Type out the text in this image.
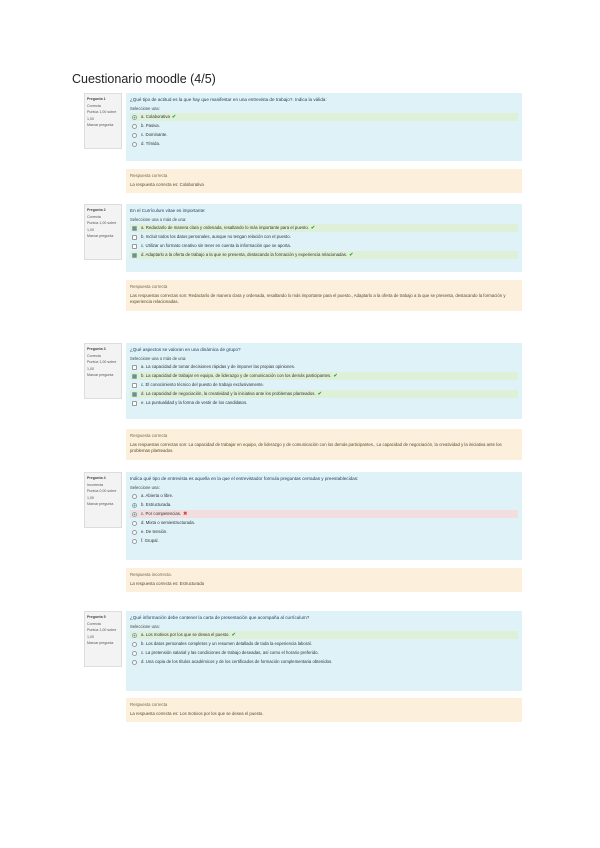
Cuestionario moodle (4/5)
Pregunta 1
Correcta
Puntúa 1,00 sobre 1,00
Marcar pregunta
¿Qué tipo de actitud es la que hay que manifestar en una entrevista de trabajo?. Indica la válida:
Seleccione una:
a. Colaborativa ✔
b. Pasiva.
c. Dominante.
d. Tímida.
Respuesta correcta
La respuesta correcta es: Colaborativa
Pregunta 2
Correcta
Puntúa 1,00 sobre 1,00
Marcar pregunta
En el Currículum vitae es importante:
Seleccione una o más de una:
a. Redactarlo de manera clara y ordenada, resaltando lo más importante para el puesto. ✔
b. Incluir todos los datos personales, aunque no tengan relación con el puesto.
c. Utilizar un formato creativo sin tener en cuenta la información que se aporta.
d. Adaptarlo a la oferta de trabajo a la que se presenta, destacando la formación y experiencia relacionadas. ✔
Respuesta correcta
Las respuestas correctas son: Redactarlo de manera clara y ordenada, resaltando lo más importante para el puesto., Adaptarlo a la oferta de trabajo a la que se presenta, destacando la formación y experiencia relacionadas.
Pregunta 3
Correcta
Puntúa 1,00 sobre 1,00
Marcar pregunta
¿Qué aspectos se valoran en una dinámica de grupo?
Seleccione una o más de una:
a. La capacidad de tomar decisiones rápidas y de imponer las propias opiniones.
b. La capacidad de trabajar en equipo, de liderazgo y de comunicación con los demás participantes. ✔
c. El conocimiento técnico del puesto de trabajo exclusivamente.
d. La capacidad de negociación, la creatividad y la iniciativa ante los problemas planteados. ✔
e. La puntualidad y la forma de vestir de los candidatos.
Respuesta correcta
Las respuestas correctas son: La capacidad de trabajar en equipo, de liderazgo y de comunicación con los demás participantes., La capacidad de negociación, la creatividad y la iniciativa ante los problemas planteados.
Pregunta 4
Incorrecta
Puntúa 0,00 sobre 1,00
Marcar pregunta
Indica qué tipo de entrevista es aquella en la que el entrevistador formula preguntas cerradas y preestablecidas:
Seleccione una:
a. Abierta o libre.
b. Estructurada.
c. Por competencias. ✖
d. Mixta o semiestructurada.
e. De tensión.
f. Grupal.
Respuesta incorrecta.
La respuesta correcta es: Estructurada
Pregunta 5
Correcta
Puntúa 1,00 sobre 1,00
Marcar pregunta
¿Qué información debe contener la carta de presentación que acompaña al currículum?
Seleccione una:
a. Los motivos por los que se desea el puesto. ✔
b. Los datos personales completos y un resumen detallado de toda la experiencia laboral.
c. La pretensión salarial y las condiciones de trabajo deseadas, así como el horario preferido.
d. Una copia de los títulos académicos y de los certificados de formación complementaria obtenidos.
Respuesta correcta
La respuesta correcta es: Los motivos por los que se desea el puesto.
